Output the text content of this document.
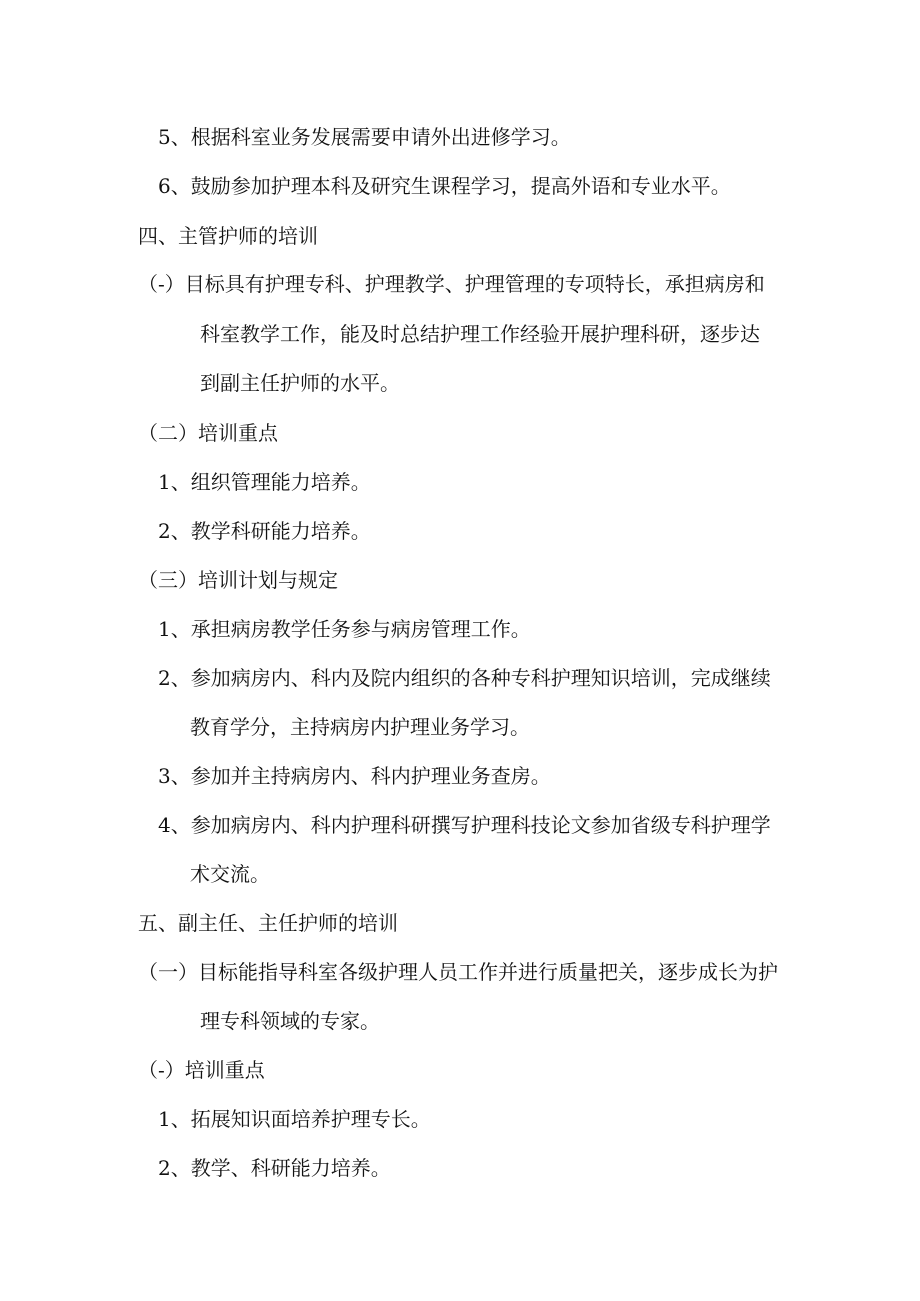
5、根据科室业务发展需要申请外出进修学习。
6、鼓励参加护理本科及研究生课程学习，提高外语和专业水平。
四、主管护师的培训
（-）目标具有护理专科、护理教学、护理管理的专项特长，承担病房和
科室教学工作，能及时总结护理工作经验开展护理科研，逐步达
到副主任护师的水平。
（二）培训重点
1、组织管理能力培养。
2、教学科研能力培养。
（三）培训计划与规定
1、承担病房教学任务参与病房管理工作。
2、参加病房内、科内及院内组织的各种专科护理知识培训，完成继续
教育学分，主持病房内护理业务学习。
3、参加并主持病房内、科内护理业务查房。
4、参加病房内、科内护理科研撰写护理科技论文参加省级专科护理学
术交流。
五、副主任、主任护师的培训
（一）目标能指导科室各级护理人员工作并进行质量把关，逐步成长为护
理专科领域的专家。
（-）培训重点
1、拓展知识面培养护理专长。
2、教学、科研能力培养。
